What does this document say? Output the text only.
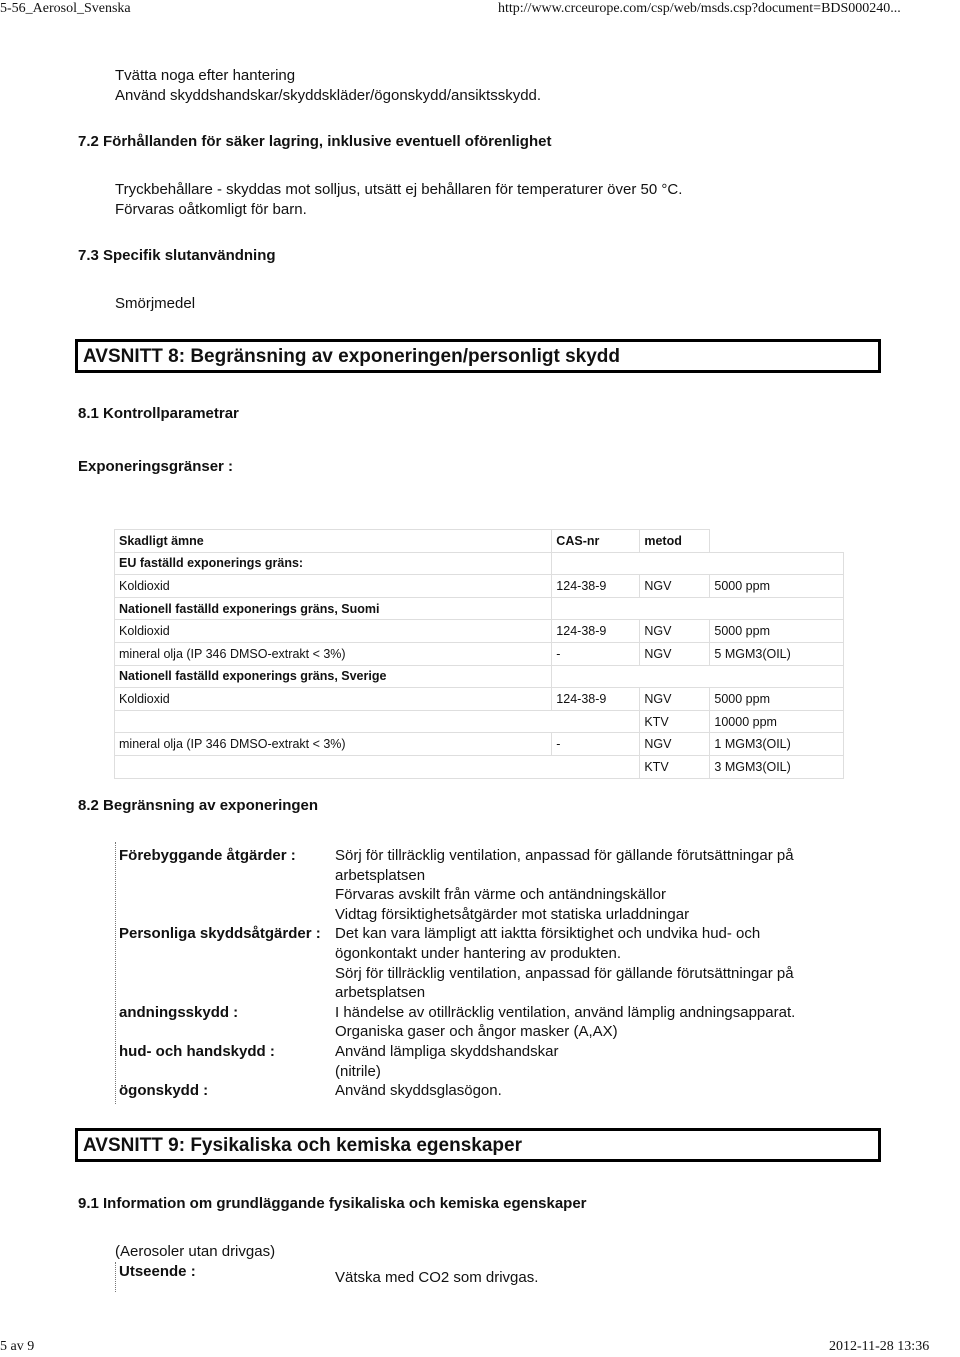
5-56_Aerosol_Svenska	http://www.crceurope.com/csp/web/msds.csp?document=BDS000240...
Tvätta noga efter hantering
Använd skyddshandskar/skyddskläder/ögonskydd/ansiktsskydd.
7.2 Förhållanden för säker lagring, inklusive eventuell oförenlighet
Tryckbehållare - skyddas mot solljus, utsätt ej behållaren för temperaturer över 50 °C.
Förvaras oåtkomligt för barn.
7.3 Specifik slutanvändning
Smörjmedel
AVSNITT 8: Begränsning av exponeringen/personligt skydd
8.1 Kontrollparametrar
Exponeringsgränser :
Skadligt ämne	CAS-nr	metod	
EU faställd exponerings gräns:			
Koldioxid	124-38-9	NGV	5000 ppm
Nationell faställd exponerings gräns, Suomi			
Koldioxid	124-38-9	NGV	5000 ppm
mineral olja (IP 346 DMSO-extrakt < 3%)	-	NGV	5 MGM3(OIL)
Nationell faställd exponerings gräns, Sverige			
Koldioxid	124-38-9	NGV	5000 ppm
		KTV	10000 ppm
mineral olja (IP 346 DMSO-extrakt < 3%)	-	NGV	1 MGM3(OIL)
		KTV	3 MGM3(OIL)
8.2 Begränsning av exponeringen
Förebyggande åtgärder :	Sörj för tillräcklig ventilation, anpassad för gällande förutsättningar på
arbetsplatsen
Förvaras avskilt från värme och antändningskällor
Vidtag försiktighetsåtgärder mot statiska urladdningar

Personliga skyddsåtgärder :	Det kan vara lämpligt att iaktta försiktighet och undvika hud- och
ögonkontakt under hantering av produkten.
Sörj för tillräcklig ventilation, anpassad för gällande förutsättningar på
arbetsplatsen

andningsskydd :	I händelse av otillräcklig ventilation, använd lämplig andningsapparat.
Organiska gaser och ångor masker (A,AX)

hud- och handskydd :	Använd lämpliga skyddshandskar
(nitrile)

ögonskydd :	Använd skyddsglasögon.
AVSNITT 9: Fysikaliska och kemiska egenskaper
9.1 Information om grundläggande fysikaliska och kemiska egenskaper
(Aerosoler utan drivgas)
Utseende :	Vätska med CO2 som drivgas.
5 av 9	2012-11-28 13:36
